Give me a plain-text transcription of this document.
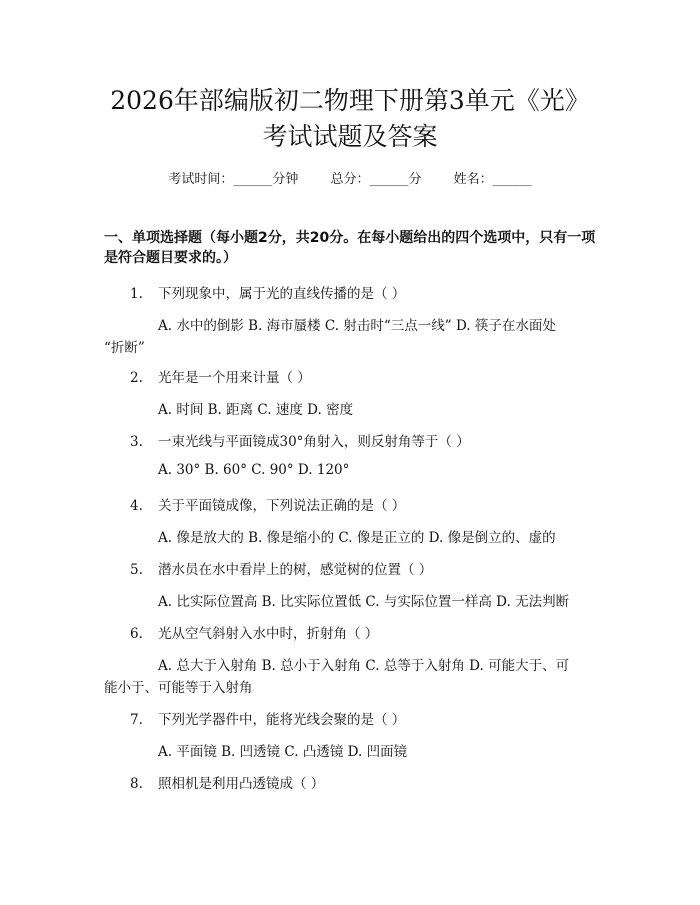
2026年部编版初二物理下册第3单元《光》
考试试题及答案
考试时间：______分钟 总分：______分 姓名：______
一、单项选择题（每小题2分，共20分。在每小题给出的四个选项中，只有一项
是符合题目要求的。）
1. 下列现象中，属于光的直线传播的是（ ）
A. 水中的倒影 B. 海市蜃楼 C. 射击时“三点一线” D. 筷子在水面处
“折断”
2. 光年是一个用来计量（ ）
A. 时间 B. 距离 C. 速度 D. 密度
3. 一束光线与平面镜成30°角射入，则反射角等于（ ）
A. 30° B. 60° C. 90° D. 120°
4. 关于平面镜成像，下列说法正确的是（ ）
A. 像是放大的 B. 像是缩小的 C. 像是正立的 D. 像是倒立的、虚的
5. 潜水员在水中看岸上的树，感觉树的位置（ ）
A. 比实际位置高 B. 比实际位置低 C. 与实际位置一样高 D. 无法判断
6. 光从空气斜射入水中时，折射角（ ）
A. 总大于入射角 B. 总小于入射角 C. 总等于入射角 D. 可能大于、可
能小于、可能等于入射角
7. 下列光学器件中，能将光线会聚的是（ ）
A. 平面镜 B. 凹透镜 C. 凸透镜 D. 凹面镜
8. 照相机是利用凸透镜成（ ）
